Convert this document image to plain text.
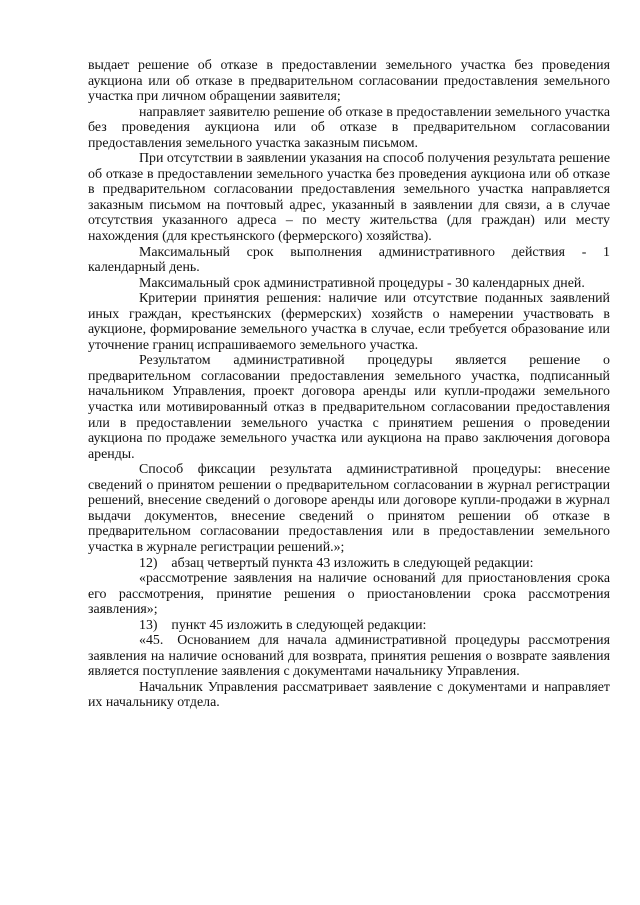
выдает решение об отказе в предоставлении земельного участка без проведения аукциона или об отказе в предварительном согласовании предоставления земельного участка при личном обращении заявителя;

направляет заявителю решение об отказе в предоставлении земельного участка без проведения аукциона или об отказе в предварительном согласовании предоставления земельного участка заказным письмом.

При отсутствии в заявлении указания на способ получения результата решение об отказе в предоставлении земельного участка без проведения аукциона или об отказе в предварительном согласовании предоставления земельного участка направляется заказным письмом на почтовый адрес, указанный в заявлении для связи, а в случае отсутствия указанного адреса – по месту жительства (для граждан) или месту нахождения (для крестьянского (фермерского) хозяйства).

Максимальный срок выполнения административного действия - 1 календарный день.

Максимальный срок административной процедуры - 30 календарных дней.

Критерии принятия решения: наличие или отсутствие поданных заявлений иных граждан, крестьянских (фермерских) хозяйств о намерении участвовать в аукционе, формирование земельного участка в случае, если требуется образование или уточнение границ испрашиваемого земельного участка.

Результатом административной процедуры является решение о предварительном согласовании предоставления земельного участка, подписанный начальником Управления, проект договора аренды или купли-продажи земельного участка или мотивированный отказ в предварительном согласовании предоставления или в предоставлении земельного участка с принятием решения о проведении аукциона по продаже земельного участка или аукциона на право заключения договора аренды.

Способ фиксации результата административной процедуры: внесение сведений о принятом решении о предварительном согласовании в журнал регистрации решений, внесение сведений о договоре аренды или договоре купли-продажи в журнал выдачи документов, внесение сведений о принятом решении об отказе в предварительном согласовании предоставления или в предоставлении земельного участка в журнале регистрации решений.»;

12) абзац четвертый пункта 43 изложить в следующей редакции:

«рассмотрение заявления на наличие оснований для приостановления срока его рассмотрения, принятие решения о приостановлении срока рассмотрения заявления»;

13) пункт 45 изложить в следующей редакции:

«45. Основанием для начала административной процедуры рассмотрения заявления на наличие оснований для возврата, принятия решения о возврате заявления является поступление заявления с документами начальнику Управления.

Начальник Управления рассматривает заявление с документами и направляет их начальнику отдела.
